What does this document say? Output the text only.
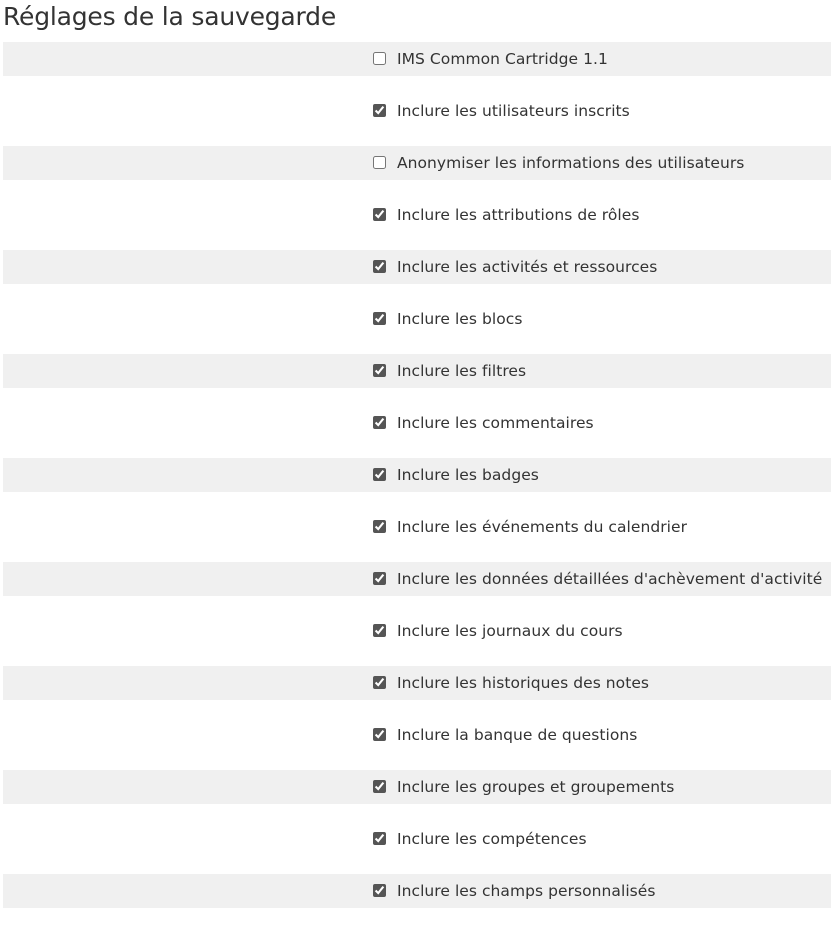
Réglages de la sauvegarde
IMS Common Cartridge 1.1
Inclure les utilisateurs inscrits
Anonymiser les informations des utilisateurs
Inclure les attributions de rôles
Inclure les activités et ressources
Inclure les blocs
Inclure les filtres
Inclure les commentaires
Inclure les badges
Inclure les événements du calendrier
Inclure les données détaillées d'achèvement d'activité
Inclure les journaux du cours
Inclure les historiques des notes
Inclure la banque de questions
Inclure les groupes et groupements
Inclure les compétences
Inclure les champs personnalisés
